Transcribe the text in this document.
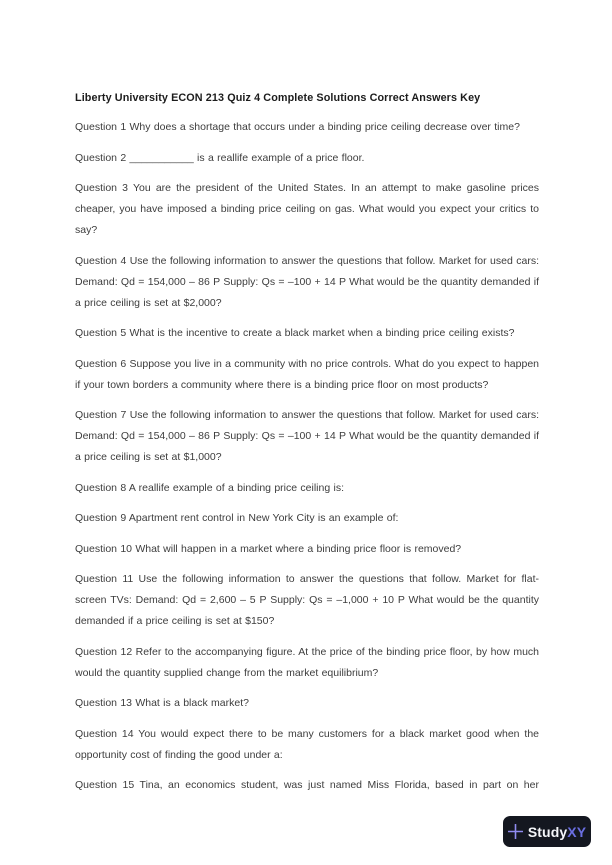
Liberty University ECON 213 Quiz 4 Complete Solutions Correct Answers Key

Question 1 Why does a shortage that occurs under a binding price ceiling decrease over time?

Question 2 ___________ is a reallife example of a price floor.

Question 3 You are the president of the United States. In an attempt to make gasoline prices cheaper, you have imposed a binding price ceiling on gas. What would you expect your critics to say?

Question 4 Use the following information to answer the questions that follow. Market for used cars: Demand: Qd = 154,000 – 86 P Supply: Qs = –100 + 14 P What would be the quantity demanded if a price ceiling is set at $2,000?

Question 5 What is the incentive to create a black market when a binding price ceiling exists?

Question 6 Suppose you live in a community with no price controls. What do you expect to happen if your town borders a community where there is a binding price floor on most products?

Question 7 Use the following information to answer the questions that follow. Market for used cars: Demand: Qd = 154,000 – 86 P Supply: Qs = –100 + 14 P What would be the quantity demanded if a price ceiling is set at $1,000?

Question 8 A reallife example of a binding price ceiling is:

Question 9 Apartment rent control in New York City is an example of:

Question 10 What will happen in a market where a binding price floor is removed?

Question 11 Use the following information to answer the questions that follow. Market for flat-screen TVs: Demand: Qd = 2,600 – 5 P Supply: Qs = –1,000 + 10 P What would be the quantity demanded if a price ceiling is set at $150?

Question 12 Refer to the accompanying figure. At the price of the binding price floor, by how much would the quantity supplied change from the market equilibrium?

Question 13 What is a black market?

Question 14 You would expect there to be many customers for a black market good when the opportunity cost of finding the good under a:

Question 15 Tina, an economics student, was just named Miss Florida, based in part on her

StudyXY
